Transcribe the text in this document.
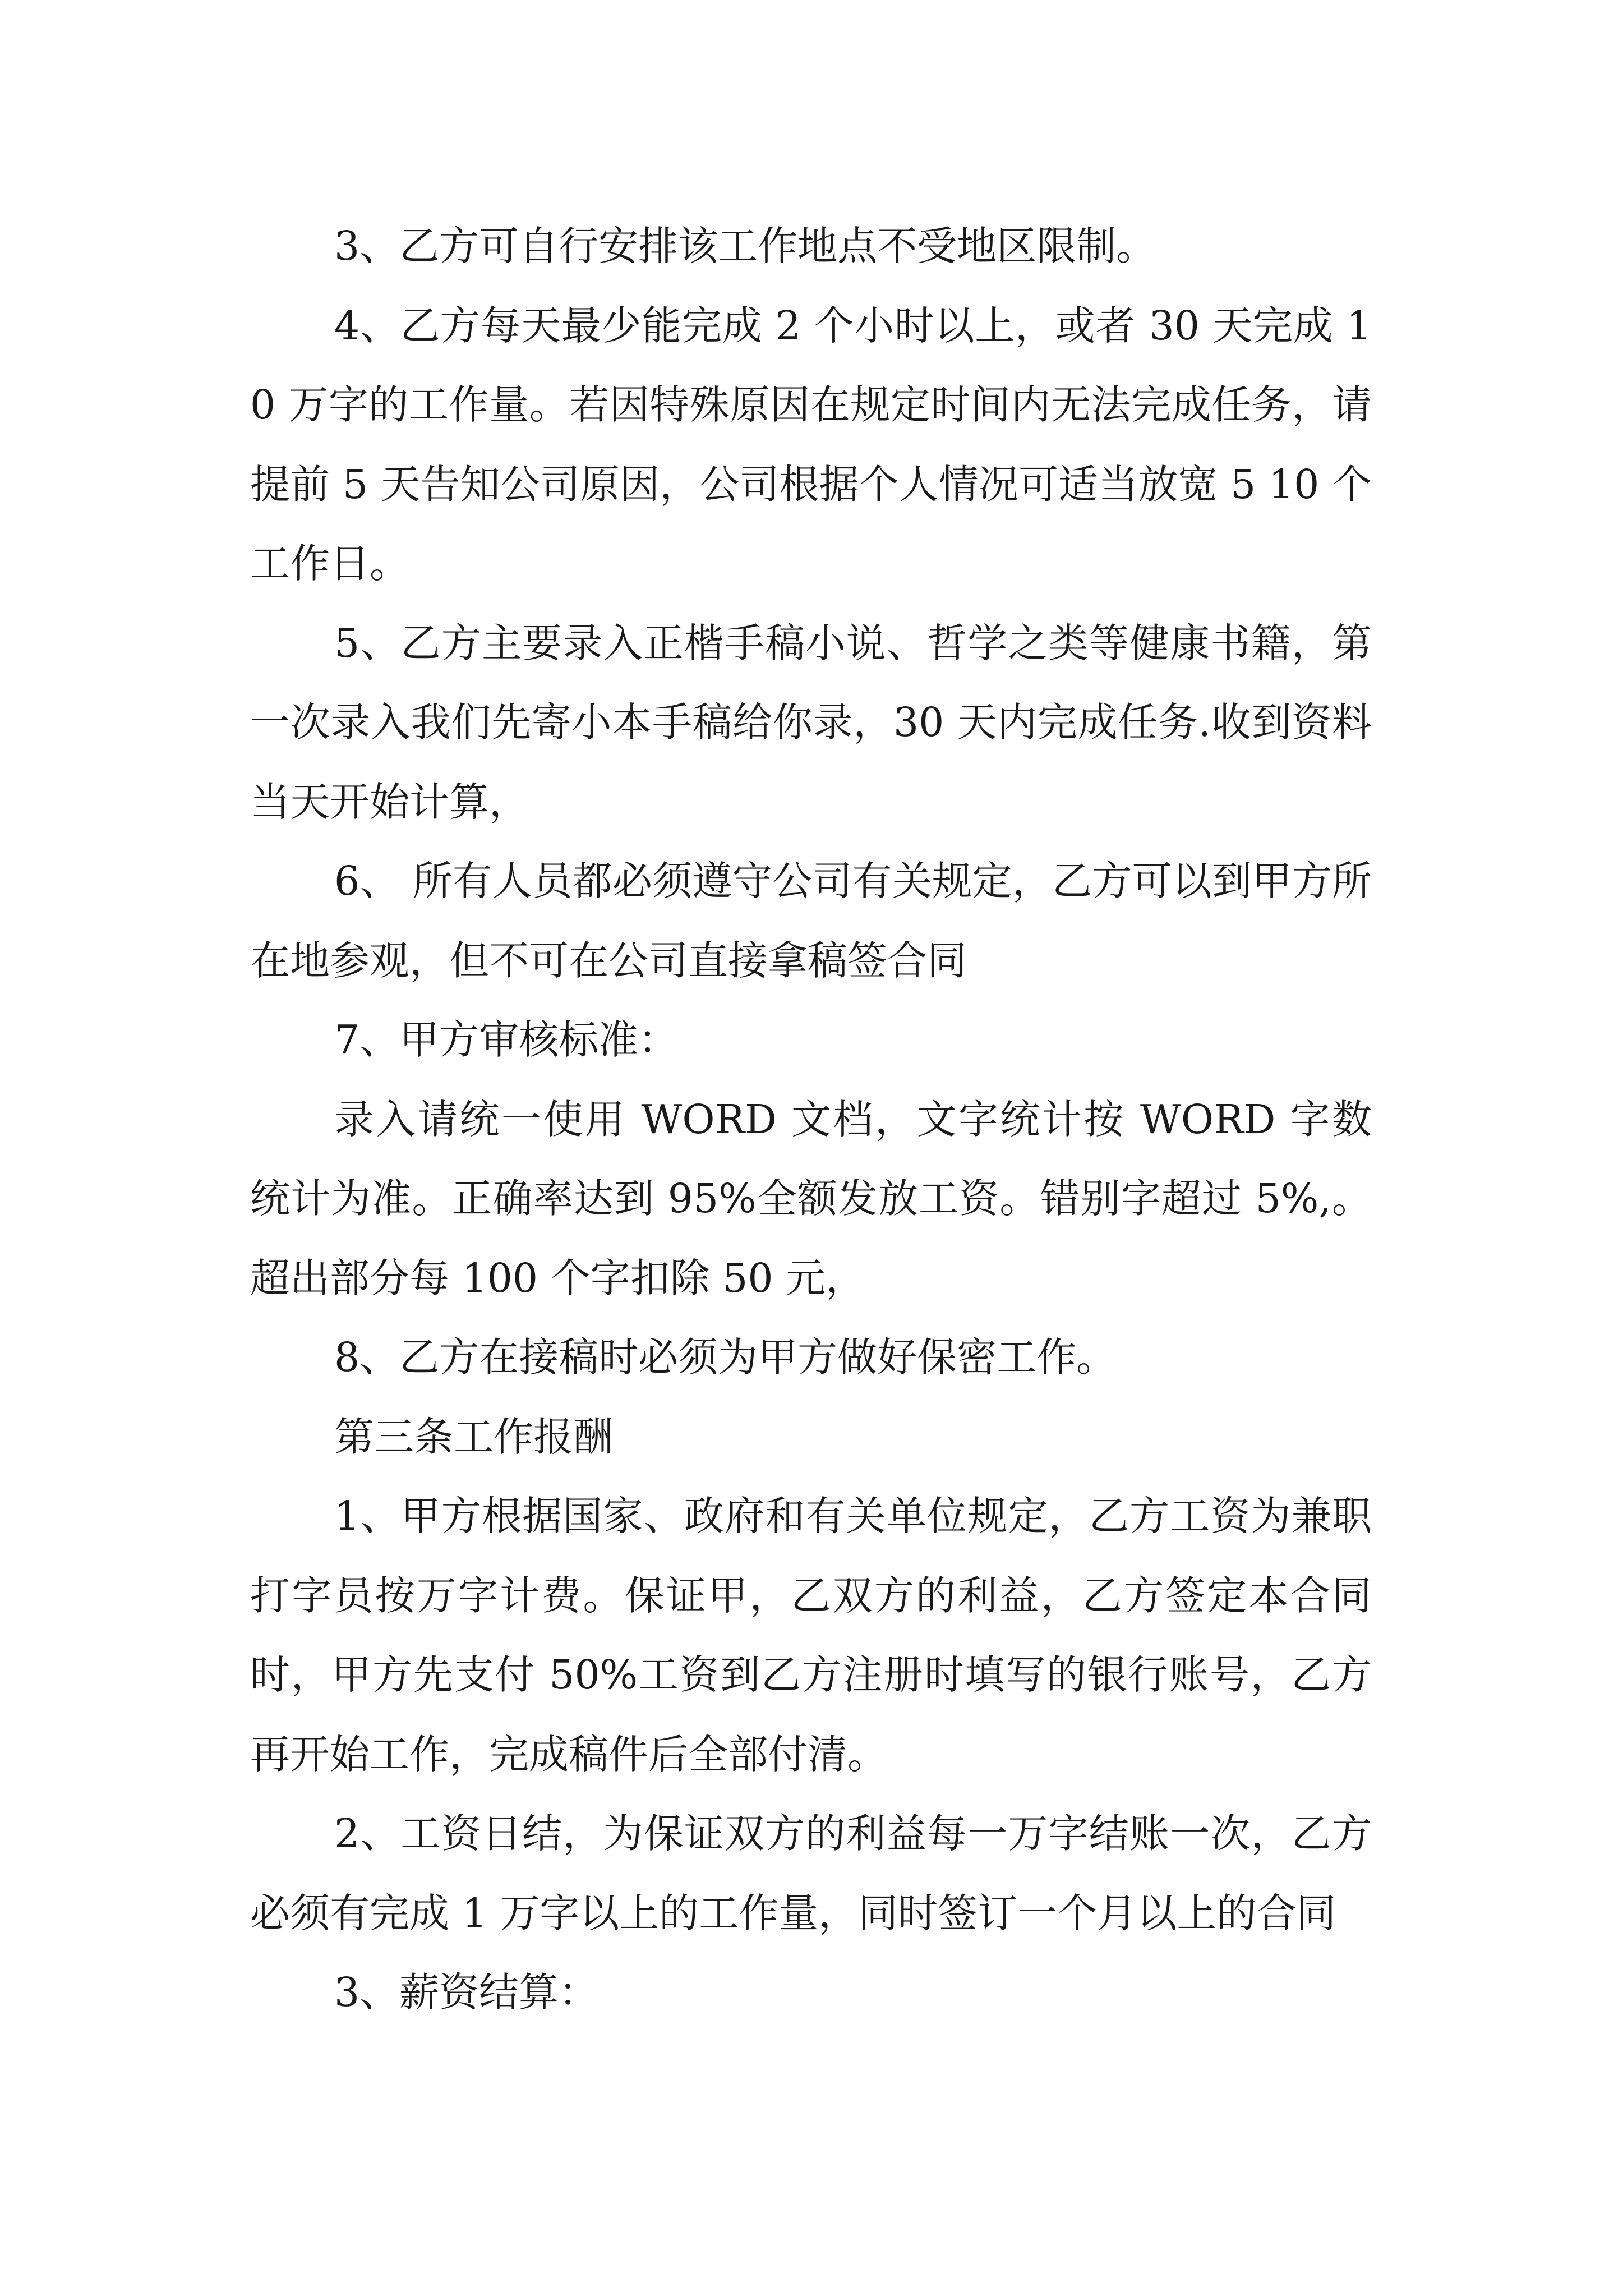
3、乙方可自行安排该工作地点不受地区限制。

4、乙方每天最少能完成 2 个小时以上，或者 30 天完成 10 万字的工作量。若因特殊原因在规定时间内无法完成任务，请提前 5 天告知公司原因，公司根据个人情况可适当放宽 5 10 个工作日。

5、乙方主要录入正楷手稿小说、哲学之类等健康书籍，第一次录入我们先寄小本手稿给你录，30 天内完成任务.收到资料当天开始计算，

6、 所有人员都必须遵守公司有关规定，乙方可以到甲方所在地参观，但不可在公司直接拿稿签合同

7、甲方审核标准：

录入请统一使用 WORD 文档，文字统计按 WORD 字数统计为准。正确率达到 95%全额发放工资。错别字超过 5%,。超出部分每 100 个字扣除 50 元，

8、乙方在接稿时必须为甲方做好保密工作。

第三条工作报酬

1、甲方根据国家、政府和有关单位规定，乙方工资为兼职打字员按万字计费。保证甲，乙双方的利益，乙方签定本合同时，甲方先支付 50%工资到乙方注册时填写的银行账号，乙方再开始工作，完成稿件后全部付清。

2、工资日结，为保证双方的利益每一万字结账一次，乙方必须有完成 1 万字以上的工作量，同时签订一个月以上的合同

3、薪资结算：
